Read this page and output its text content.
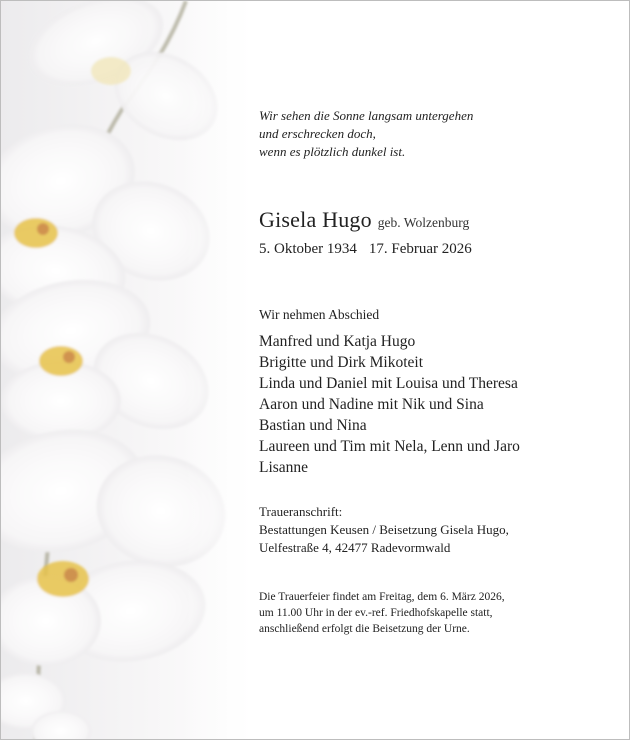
Wir sehen die Sonne langsam untergehen
und erschrecken doch,
wenn es plötzlich dunkel ist.
Gisela Hugo geb. Wolzenburg
5. Oktober 1934 17. Februar 2026
Wir nehmen Abschied
Manfred und Katja Hugo
Brigitte und Dirk Mikoteit
Linda und Daniel mit Louisa und Theresa
Aaron und Nadine mit Nik und Sina
Bastian und Nina
Laureen und Tim mit Nela, Lenn und Jaro
Lisanne
Traueranschrift:
Bestattungen Keusen / Beisetzung Gisela Hugo,
Uelfestraße 4, 42477 Radevormwald
Die Trauerfeier findet am Freitag, dem 6. März 2026,
um 11.00 Uhr in der ev.-ref. Friedhofskapelle statt,
anschließend erfolgt die Beisetzung der Urne.
